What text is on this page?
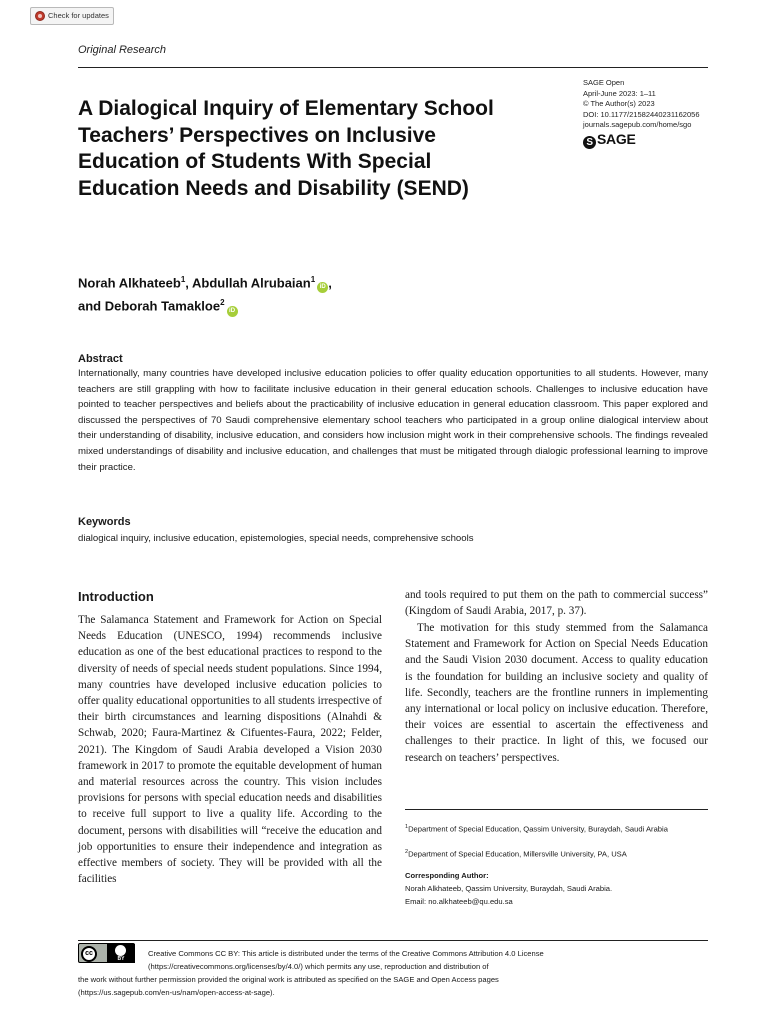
Check for updates
Original Research
SAGE Open
April-June 2023: 1–11
© The Author(s) 2023
DOI: 10.1177/21582440231162056
journals.sagepub.com/home/sgo
S SAGE
A Dialogical Inquiry of Elementary School Teachers’ Perspectives on Inclusive Education of Students With Special Education Needs and Disability (SEND)
Norah Alkhateeb$^1$, Abdullah Alrubaian$^1$iD ,
and Deborah Tamakloe$^2$iD
Abstract
Internationally, many countries have developed inclusive education policies to offer quality education opportunities to all students. However, many teachers are still grappling with how to facilitate inclusive education in their general education schools. Challenges to inclusive education have pointed to teacher perspectives and beliefs about the practicability of inclusive education in general education classroom. This paper explored and discussed the perspectives of 70 Saudi comprehensive elementary school teachers who participated in a group online dialogical interview about their understanding of disability, inclusive education, and considers how inclusion might work in their comprehensive schools. The findings revealed mixed understandings of disability and inclusive education, and challenges that must be mitigated through dialogic professional learning to improve their practice.
Keywords
dialogical inquiry, inclusive education, epistemologies, special needs, comprehensive schools
Introduction
The Salamanca Statement and Framework for Action on Special Needs Education (UNESCO, 1994) recommends inclusive education as one of the best educational practices to respond to the diversity of needs of special needs student populations. Since 1994, many countries have developed inclusive education policies to offer quality educational opportunities to all students irrespective of their birth circumstances and learning dispositions (Alnahdi & Schwab, 2020; Faura-Martinez & Cifuentes-Faura, 2022; Felder, 2021). The Kingdom of Saudi Arabia developed a Vision 2030 framework in 2017 to promote the equitable development of human and material resources across the country. This vision includes provisions for persons with special education needs and disabilities to receive full support to live a quality life. According to the document, persons with disabilities will “receive the education and job opportunities to ensure their independence and integration as effective members of society. They will be provided with all the facilities
and tools required to put them on the path to commercial success” (Kingdom of Saudi Arabia, 2017, p. 37).
The motivation for this study stemmed from the Salamanca Statement and Framework for Action on Special Needs Education and the Saudi Vision 2030 document. Access to quality education is the foundation for building an inclusive society and quality of life. Secondly, teachers are the frontline runners in implementing any international or local policy on inclusive education. Therefore, their voices are essential to ascertain the effectiveness and challenges to their practice. In light of this, we focused our research on teachers’ perspectives.
$^1$Department of Special Education, Qassim University, Buraydah, Saudi Arabia
$^2$Department of Special Education, Millersville University, PA, USA
Corresponding Author:
Norah Alkhateeb, Qassim University, Buraydah, Saudi Arabia.
Email: no.alkhateeb@qu.edu.sa
cc
BY
Creative Commons CC BY: This article is distributed under the terms of the Creative Commons Attribution 4.0 License
(https://creativecommons.org/licenses/by/4.0/) which permits any use, reproduction and distribution of
the work without further permission provided the original work is attributed as specified on the SAGE and Open Access pages
(https://us.sagepub.com/en-us/nam/open-access-at-sage).
